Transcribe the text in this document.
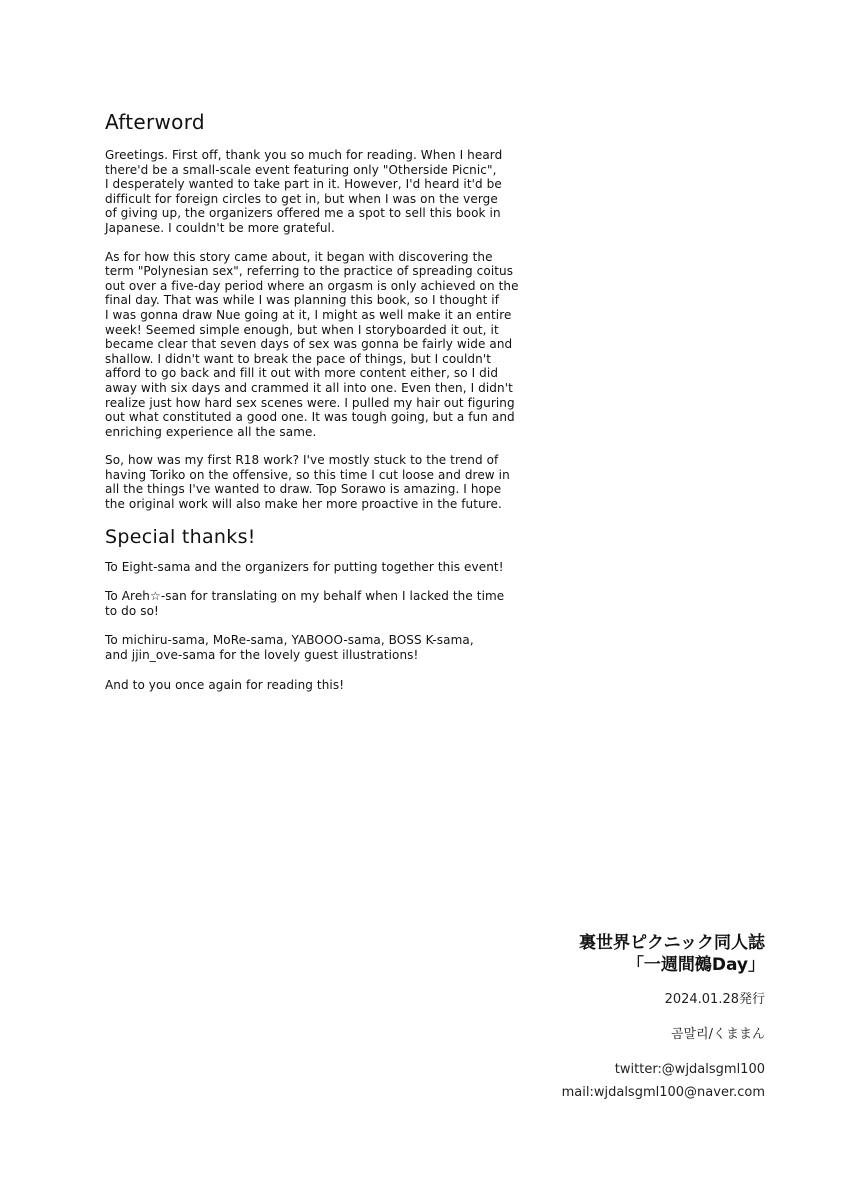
Afterword

Greetings. First off, thank you so much for reading. When I heard
there'd be a small-scale event featuring only "Otherside Picnic",
I desperately wanted to take part in it. However, I'd heard it'd be
difficult for foreign circles to get in, but when I was on the verge
of giving up, the organizers offered me a spot to sell this book in
Japanese. I couldn't be more grateful.

As for how this story came about, it began with discovering the
term "Polynesian sex", referring to the practice of spreading coitus
out over a five-day period where an orgasm is only achieved on the
final day. That was while I was planning this book, so I thought if
I was gonna draw Nue going at it, I might as well make it an entire
week! Seemed simple enough, but when I storyboarded it out, it
became clear that seven days of sex was gonna be fairly wide and
shallow. I didn't want to break the pace of things, but I couldn't
afford to go back and fill it out with more content either, so I did
away with six days and crammed it all into one. Even then, I didn't
realize just how hard sex scenes were. I pulled my hair out figuring
out what constituted a good one. It was tough going, but a fun and
enriching experience all the same.

So, how was my first R18 work? I've mostly stuck to the trend of
having Toriko on the offensive, so this time I cut loose and drew in
all the things I've wanted to draw. Top Sorawo is amazing. I hope
the original work will also make her more proactive in the future.

Special thanks!

To Eight-sama and the organizers for putting together this event!

To Areh☆-san for translating on my behalf when I lacked the time
to do so!

To michiru-sama, MoRe-sama, YABOOO-sama, BOSS K-sama,
and jjin_ove-sama for the lovely guest illustrations!

And to you once again for reading this!

裏世界ピクニック同人誌
「一週間鵺Day」
2024.01.28発行
곰말리/くままん
twitter:@wjdalsgml100
mail:wjdalsgml100@naver.com
